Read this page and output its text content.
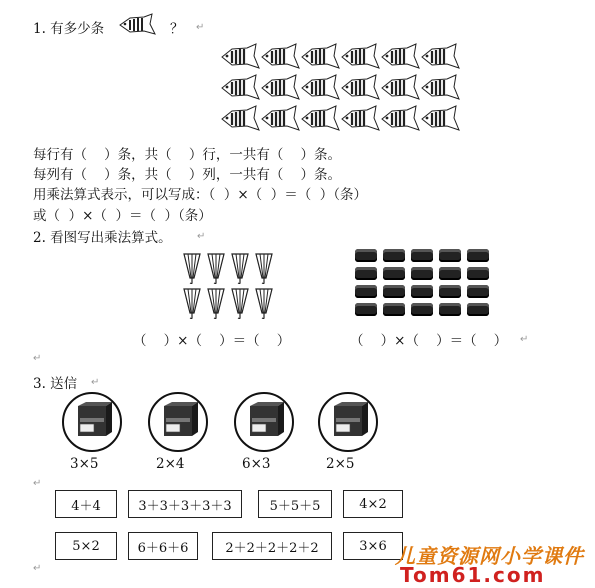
1. 有多少条	？ ↵
每行有（    ）条，共（    ）行，一共有（    ）条。
每列有（    ）条，共（    ）列，一共有（    ）条。
用乘法算式表示，可以写成：（  ）×（  ）＝（  ）（条）
或（  ）×（  ）＝（  ）（条）
2. 看图写出乘法算式。	↵
（    ）×（    ）＝（    ）	（    ）×（    ）＝（    ） ↵
↵
3. 送信 ↵
3×5	2×4	6×3	2×5
4＋4	3＋3＋3＋3＋3	5＋5＋5	4×2
5×2	6＋6＋6	2＋2＋2＋2＋2	3×6
↵
↵
儿童资源网小学课件
Tom61.com
